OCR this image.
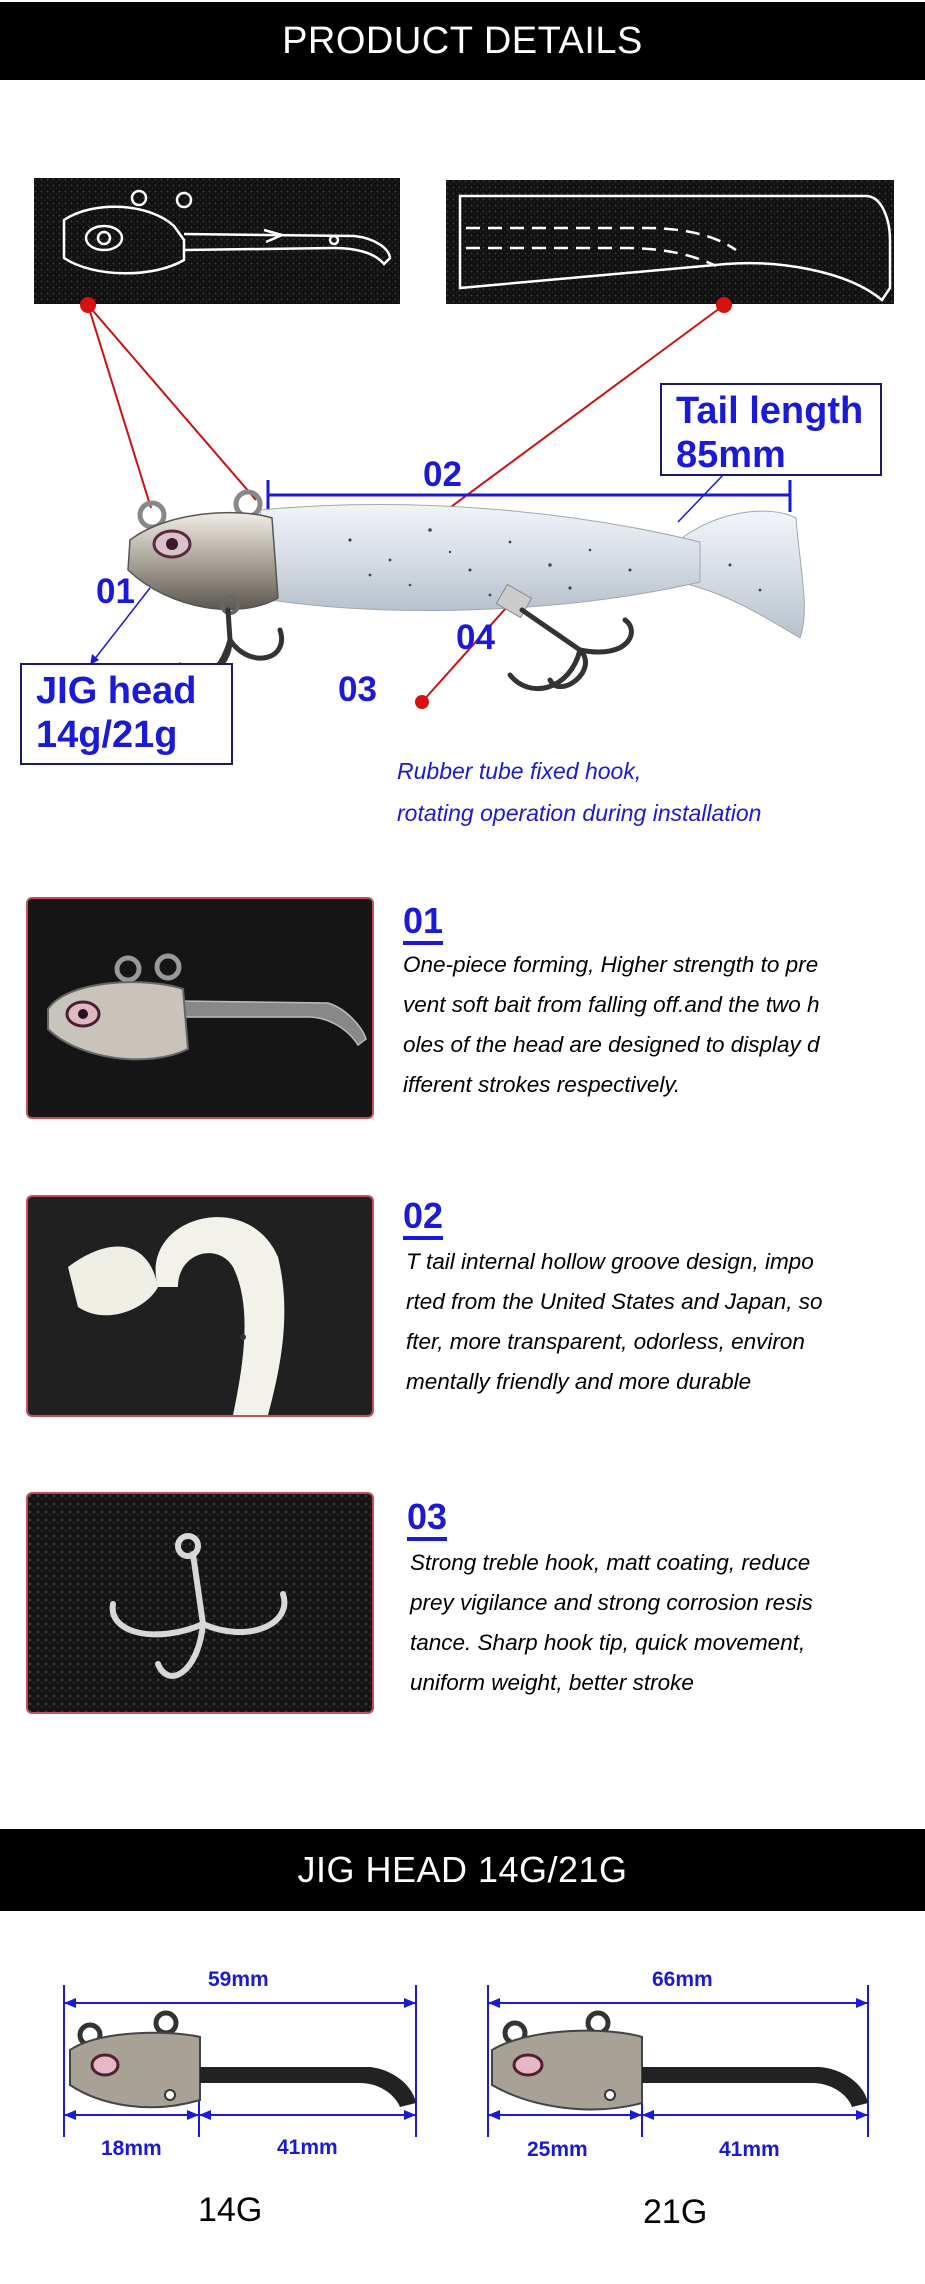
PRODUCT DETAILS
02
01
04
03
Tail length
85mm
JIG head
14g/21g
Rubber tube fixed hook,
rotating operation during installation
01
One-piece forming, Higher strength to pre
vent soft bait from falling off.and the two h
oles of the head are designed to display d
ifferent strokes respectively.
02
T tail internal hollow groove design, impo
rted from the United States and Japan, so
fter, more transparent, odorless, environ
mentally friendly and more durable
03
Strong treble hook, matt coating, reduce
prey vigilance and strong corrosion resis
tance. Sharp hook tip, quick movement,
uniform weight, better stroke
JIG HEAD 14G/21G
59mm
18mm	41mm
14G
66mm
25mm	41mm
21G
